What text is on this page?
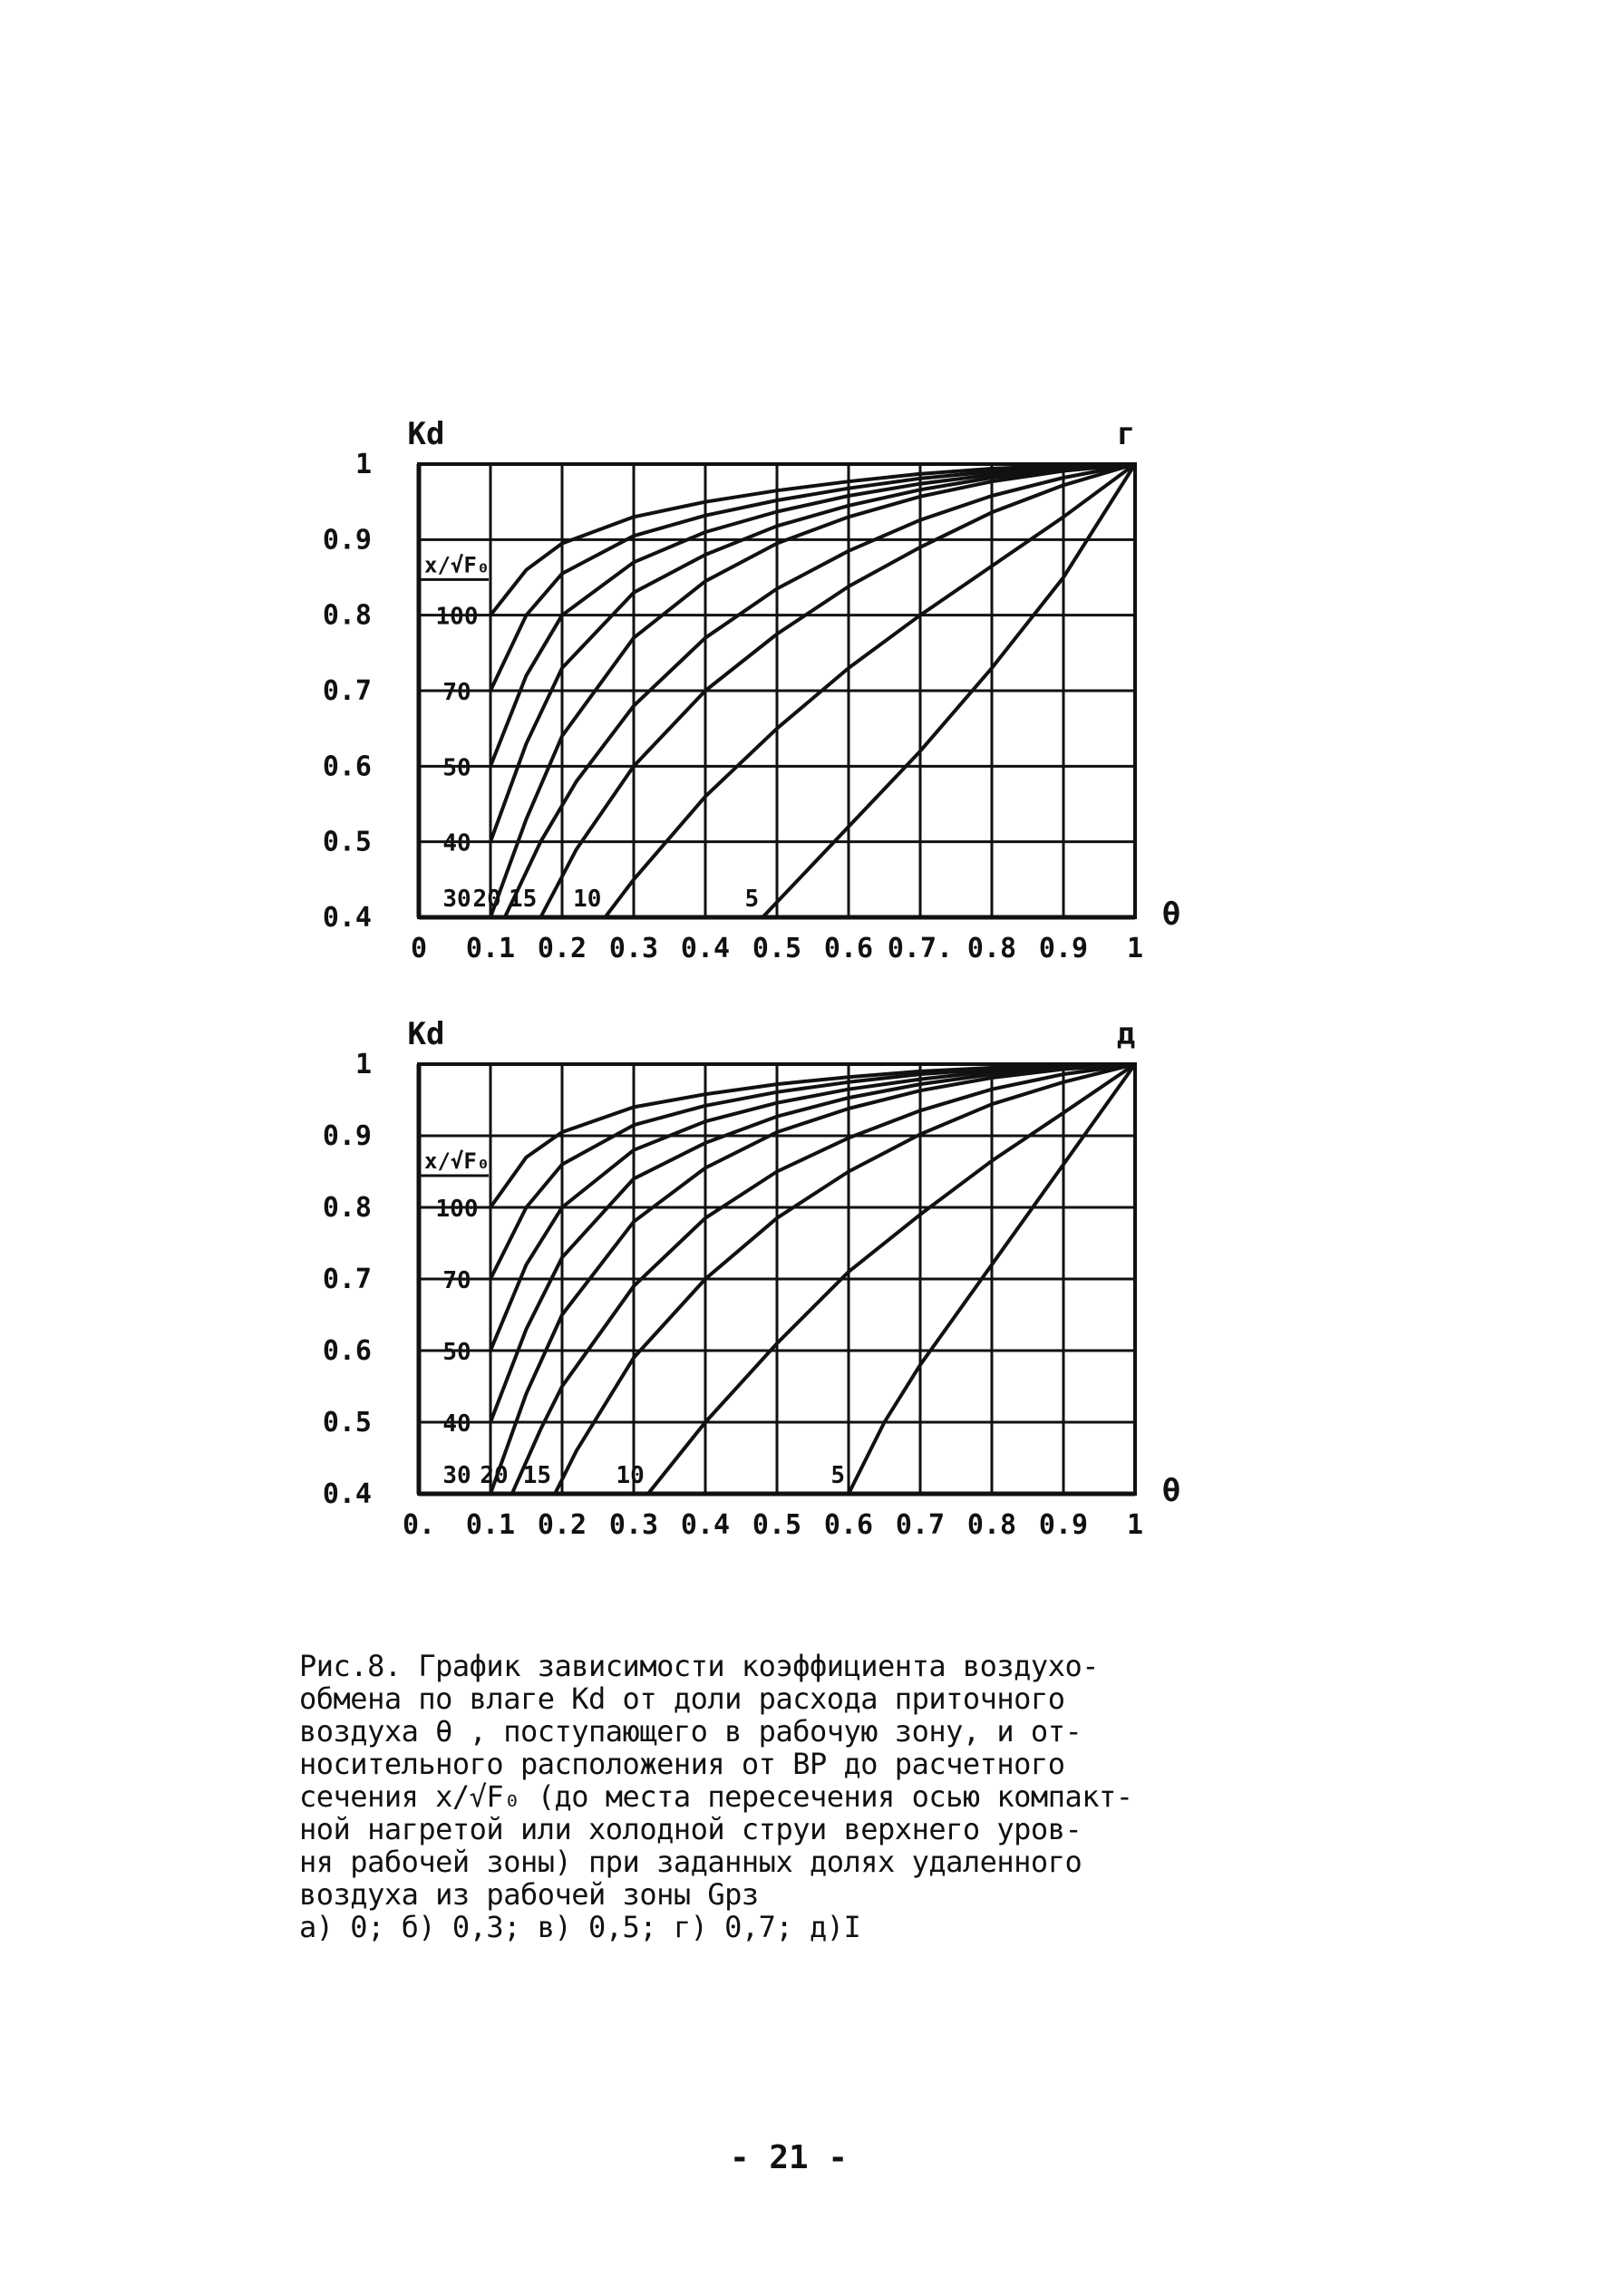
0 0.1 0.2 0.3 0.4 0.5 0.6 0.7. 0.8 0.9 1
0.4
0.5
0.6
0.7
0.8
0.9
1
Kd
θ
г
x/√F₀
100
70
50
40
30 20 15 10	5
0. 0.1 0.2 0.3 0.4 0.5 0.6 0.7 0.8 0.9 1
0.4
0.5
0.6
0.7
0.8
0.9
1
Kd
θ
д
x/√F₀
100
70
50
40
30 20 15	10	5
Рис.8. График зависимости коэффициента воздухо-
обмена по влаге Кd от доли расхода приточного
воздуха θ , поступающего в рабочую зону, и от-
носительного расположения от ВР до расчетного
сечения x/√F₀ (до места пересечения осью компакт-
ной нагретой или холодной струи верхнего уров-
ня рабочей зоны) при заданных долях удаленного
воздуха из рабочей зоны Gрз
а) 0; б) 0,3; в) 0,5; г) 0,7; д)I
- 21 -
